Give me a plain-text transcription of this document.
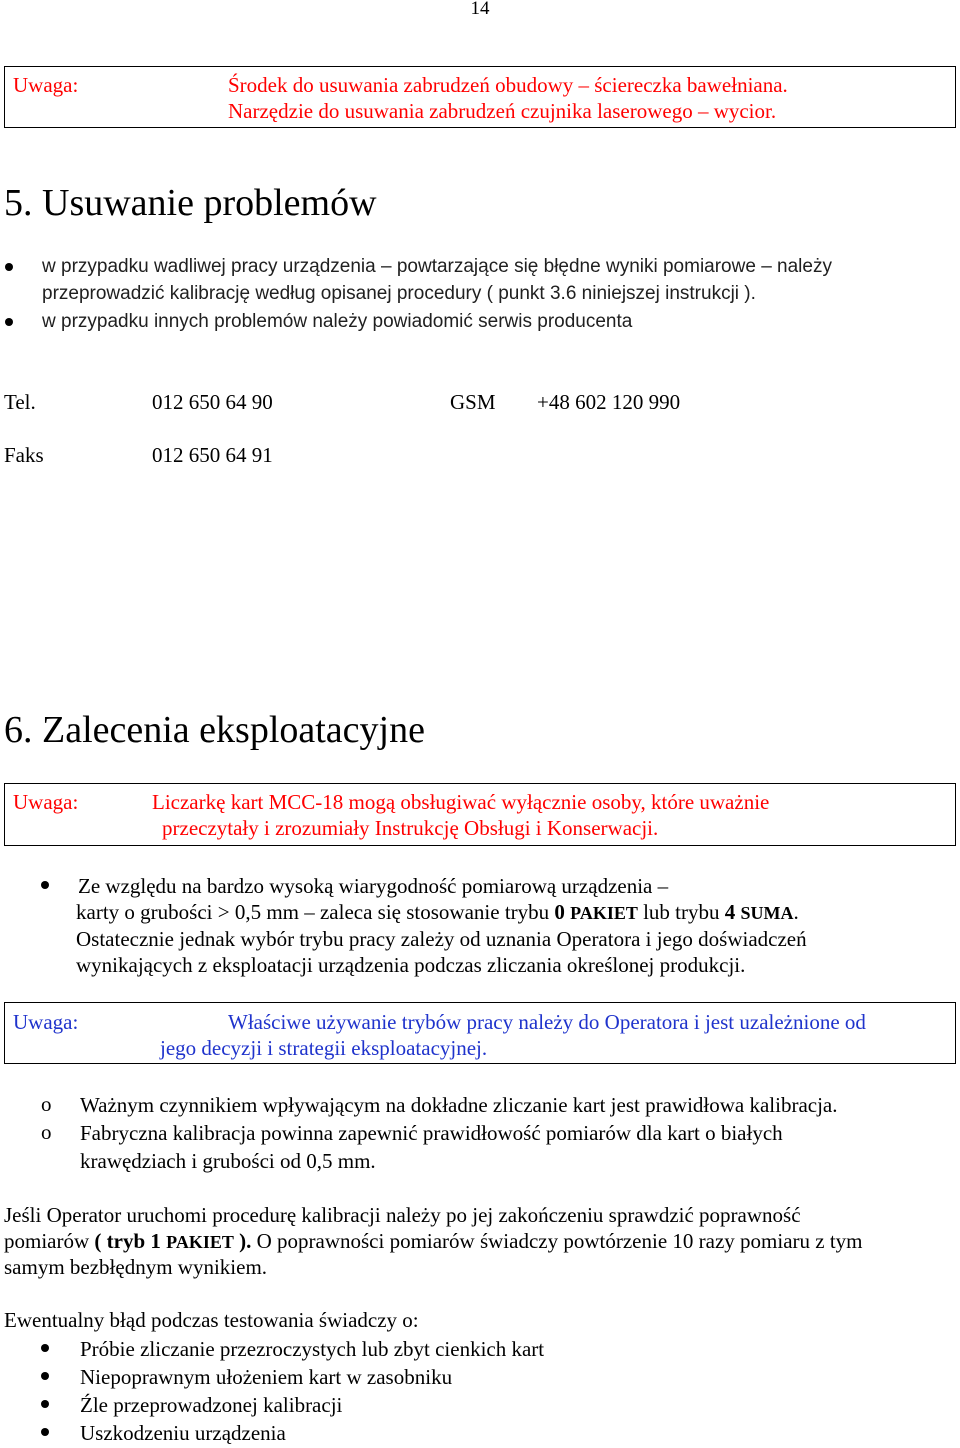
14
Uwaga:	Środek do usuwania zabrudzeń obudowy – ściereczka bawełniana.
Narzędzie do usuwania zabrudzeń czujnika laserowego – wycior.
5. Usuwanie problemów
w przypadku wadliwej pracy urządzenia – powtarzające się błędne wyniki pomiarowe – należy
przeprowadzić kalibrację według opisanej procedury ( punkt 3.6 niniejszej instrukcji ).
w przypadku innych problemów należy powiadomić serwis producenta
Tel.	012 650 64 90	GSM +48 602 120 990
Faks	012 650 64 91
6. Zalecenia eksploatacyjne
Uwaga:	Liczarkę kart MCC-18 mogą obsługiwać wyłącznie osoby, które uważnie
przeczytały i zrozumiały Instrukcję Obsługi i Konserwacji.
Ze względu na bardzo wysoką wiarygodność pomiarową urządzenia –
karty o grubości > 0,5 mm – zaleca się stosowanie trybu 0 PAKIET lub trybu 4 SUMA.
Ostatecznie jednak wybór trybu pracy zależy od uznania Operatora i jego doświadczeń
wynikających z eksploatacji urządzenia podczas zliczania określonej produkcji.
Uwaga:	Właściwe używanie trybów pracy należy do Operatora i jest uzależnione od
jego decyzji i strategii eksploatacyjnej.
o Ważnym czynnikiem wpływającym na dokładne zliczanie kart jest prawidłowa kalibracja.
o Fabryczna kalibracja powinna zapewnić prawidłowość pomiarów dla kart o białych
krawędziach i grubości od 0,5 mm.
Jeśli Operator uruchomi procedurę kalibracji należy po jej zakończeniu sprawdzić poprawność
pomiarów ( tryb 1 PAKIET ). O poprawności pomiarów świadczy powtórzenie 10 razy pomiaru z tym
samym bezbłędnym wynikiem.
Ewentualny błąd podczas testowania świadczy o:
Próbie zliczanie przezroczystych lub zbyt cienkich kart
Niepoprawnym ułożeniem kart w zasobniku
Źle przeprowadzonej kalibracji
Uszkodzeniu urządzenia
